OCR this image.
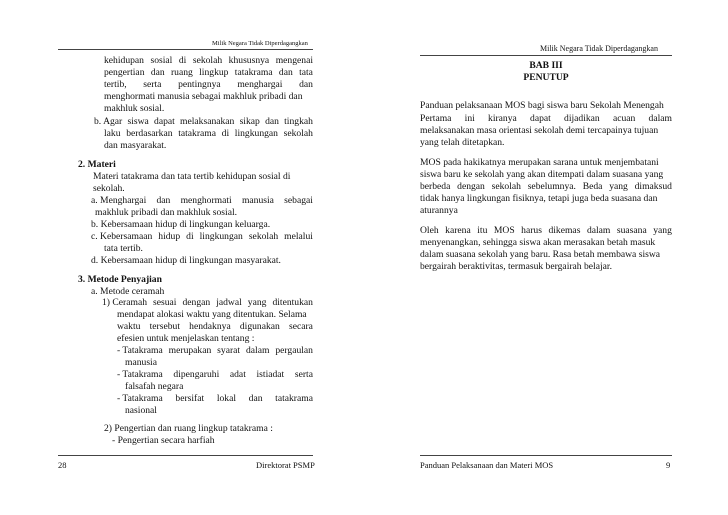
Milik Negara Tidak Diperdagangkan
kehidupan sosial di sekolah khususnya mengenai
pengertian dan ruang lingkup tatakrama dan tata
tertib, serta pentingnya menghargai dan
menghormati manusia sebagai makhluk pribadi dan
makhluk sosial.
b. Agar siswa dapat melaksanakan sikap dan tingkah
laku berdasarkan tatakrama di lingkungan sekolah
dan masyarakat.
2. Materi
Materi tatakrama dan tata tertib kehidupan sosial di
sekolah.
a. Menghargai dan menghormati manusia sebagai
makhluk pribadi dan makhluk sosial.
b. Kebersamaan hidup di lingkungan keluarga.
c. Kebersamaan hidup di lingkungan sekolah melalui
tata tertib.
d. Kebersamaan hidup di lingkungan masyarakat.
3. Metode Penyajian
a. Metode ceramah
1) Ceramah sesuai dengan jadwal yang ditentukan
mendapat alokasi waktu yang ditentukan. Selama
waktu tersebut hendaknya digunakan secara
efesien untuk menjelaskan tentang :
- Tatakrama merupakan syarat dalam pergaulan
manusia
- Tatakrama dipengaruhi adat istiadat serta
falsafah negara
- Tatakrama bersifat lokal dan tatakrama
nasional
2) Pengertian dan ruang lingkup tatakrama :
- Pengertian secara harfiah
28	Direktorat PSMP
Milik Negara Tidak Diperdagangkan
BAB III
PENUTUP
Panduan pelaksanaan MOS bagi siswa baru Sekolah Menengah
Pertama ini kiranya dapat dijadikan acuan dalam
melaksanakan masa orientasi sekolah demi tercapainya tujuan
yang telah ditetapkan.
MOS pada hakikatnya merupakan sarana untuk menjembatani
siswa baru ke sekolah yang akan ditempati dalam suasana yang
berbeda dengan sekolah sebelumnya. Beda yang dimaksud
tidak hanya lingkungan fisiknya, tetapi juga beda suasana dan
aturannya
Oleh karena itu MOS harus dikemas dalam suasana yang
menyenangkan, sehingga siswa akan merasakan betah masuk
dalam suasana sekolah yang baru. Rasa betah membawa siswa
bergairah beraktivitas, termasuk bergairah belajar.
Panduan Pelaksanaan dan Materi MOS	9
